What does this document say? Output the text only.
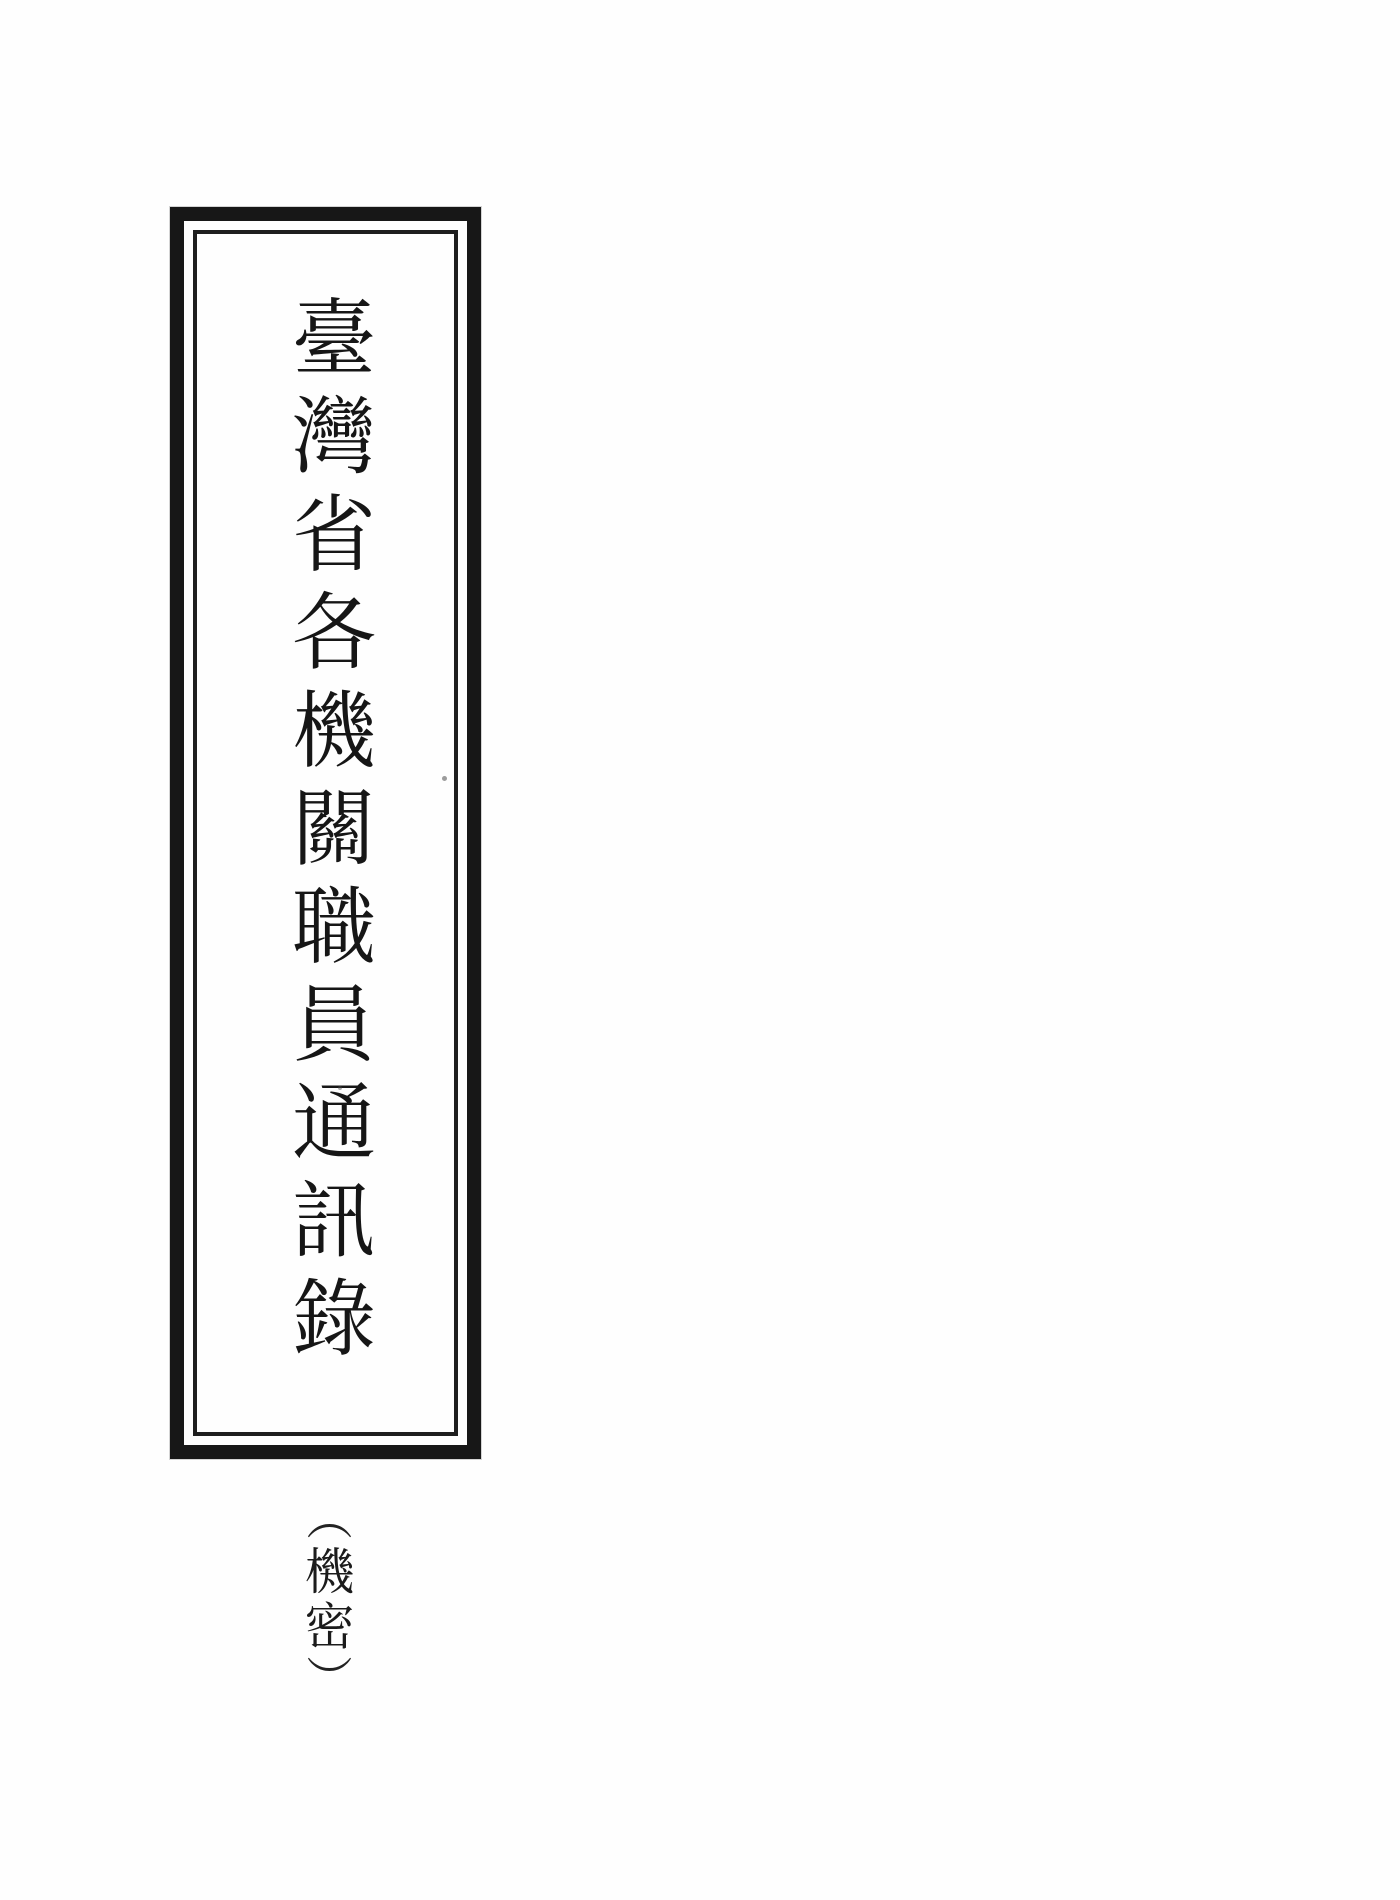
臺灣省各機關職員通訊錄
︵機密︶
